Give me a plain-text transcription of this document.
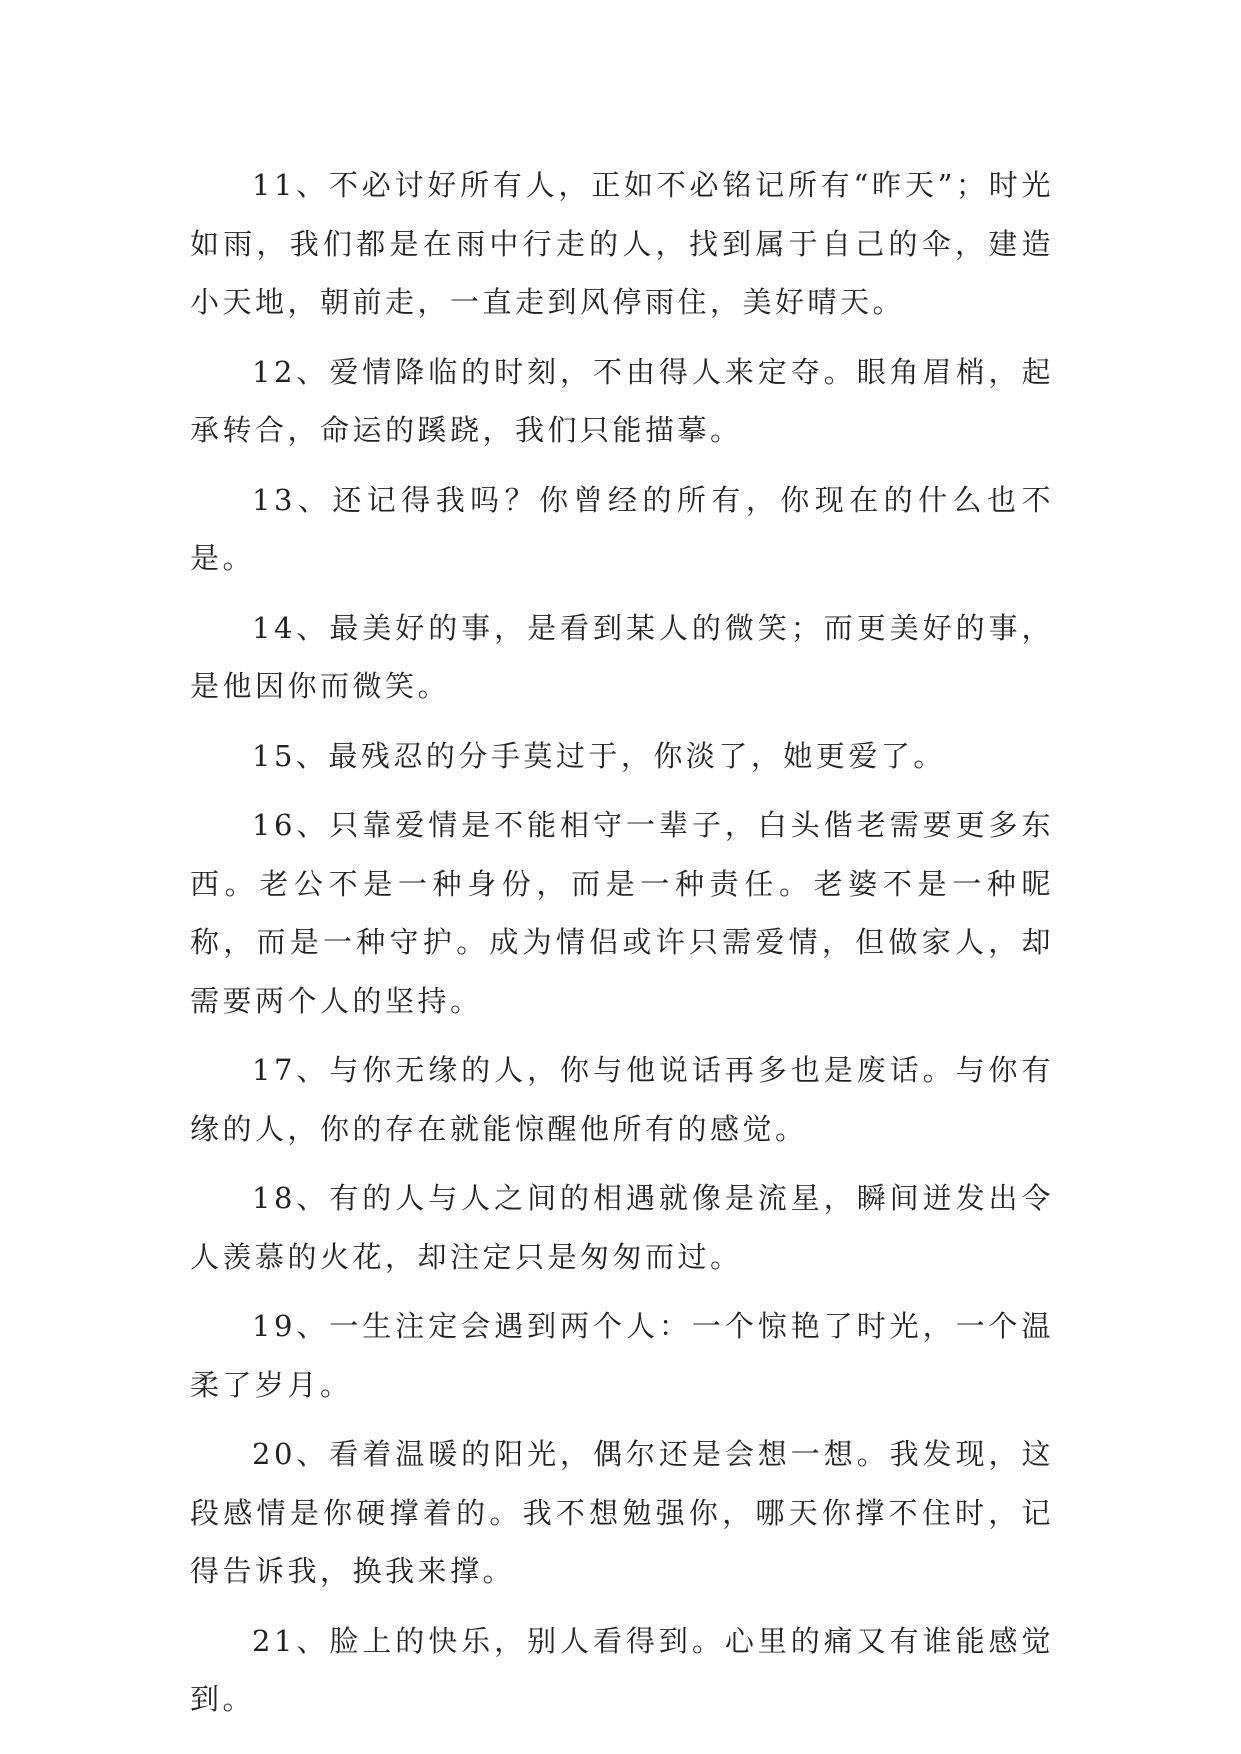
11、不必讨好所有人，正如不必铭记所有“昨天”；时光如雨，我们都是在雨中行走的人，找到属于自己的伞，建造小天地，朝前走，一直走到风停雨住，美好晴天。

12、爱情降临的时刻，不由得人来定夺。眼角眉梢，起承转合，命运的蹊跷，我们只能描摹。

13、还记得我吗？你曾经的所有，你现在的什么也不是。

14、最美好的事，是看到某人的微笑；而更美好的事，是他因你而微笑。

15、最残忍的分手莫过于，你淡了，她更爱了。

16、只靠爱情是不能相守一辈子，白头偕老需要更多东西。老公不是一种身份，而是一种责任。老婆不是一种昵称，而是一种守护。成为情侣或许只需爱情，但做家人，却需要两个人的坚持。

17、与你无缘的人，你与他说话再多也是废话。与你有缘的人，你的存在就能惊醒他所有的感觉。

18、有的人与人之间的相遇就像是流星，瞬间迸发出令人羡慕的火花，却注定只是匆匆而过。

19、一生注定会遇到两个人：一个惊艳了时光，一个温柔了岁月。

20、看着温暖的阳光，偶尔还是会想一想。我发现，这段感情是你硬撑着的。我不想勉强你，哪天你撑不住时，记得告诉我，换我来撑。

21、脸上的快乐，别人看得到。心里的痛又有谁能感觉到。
